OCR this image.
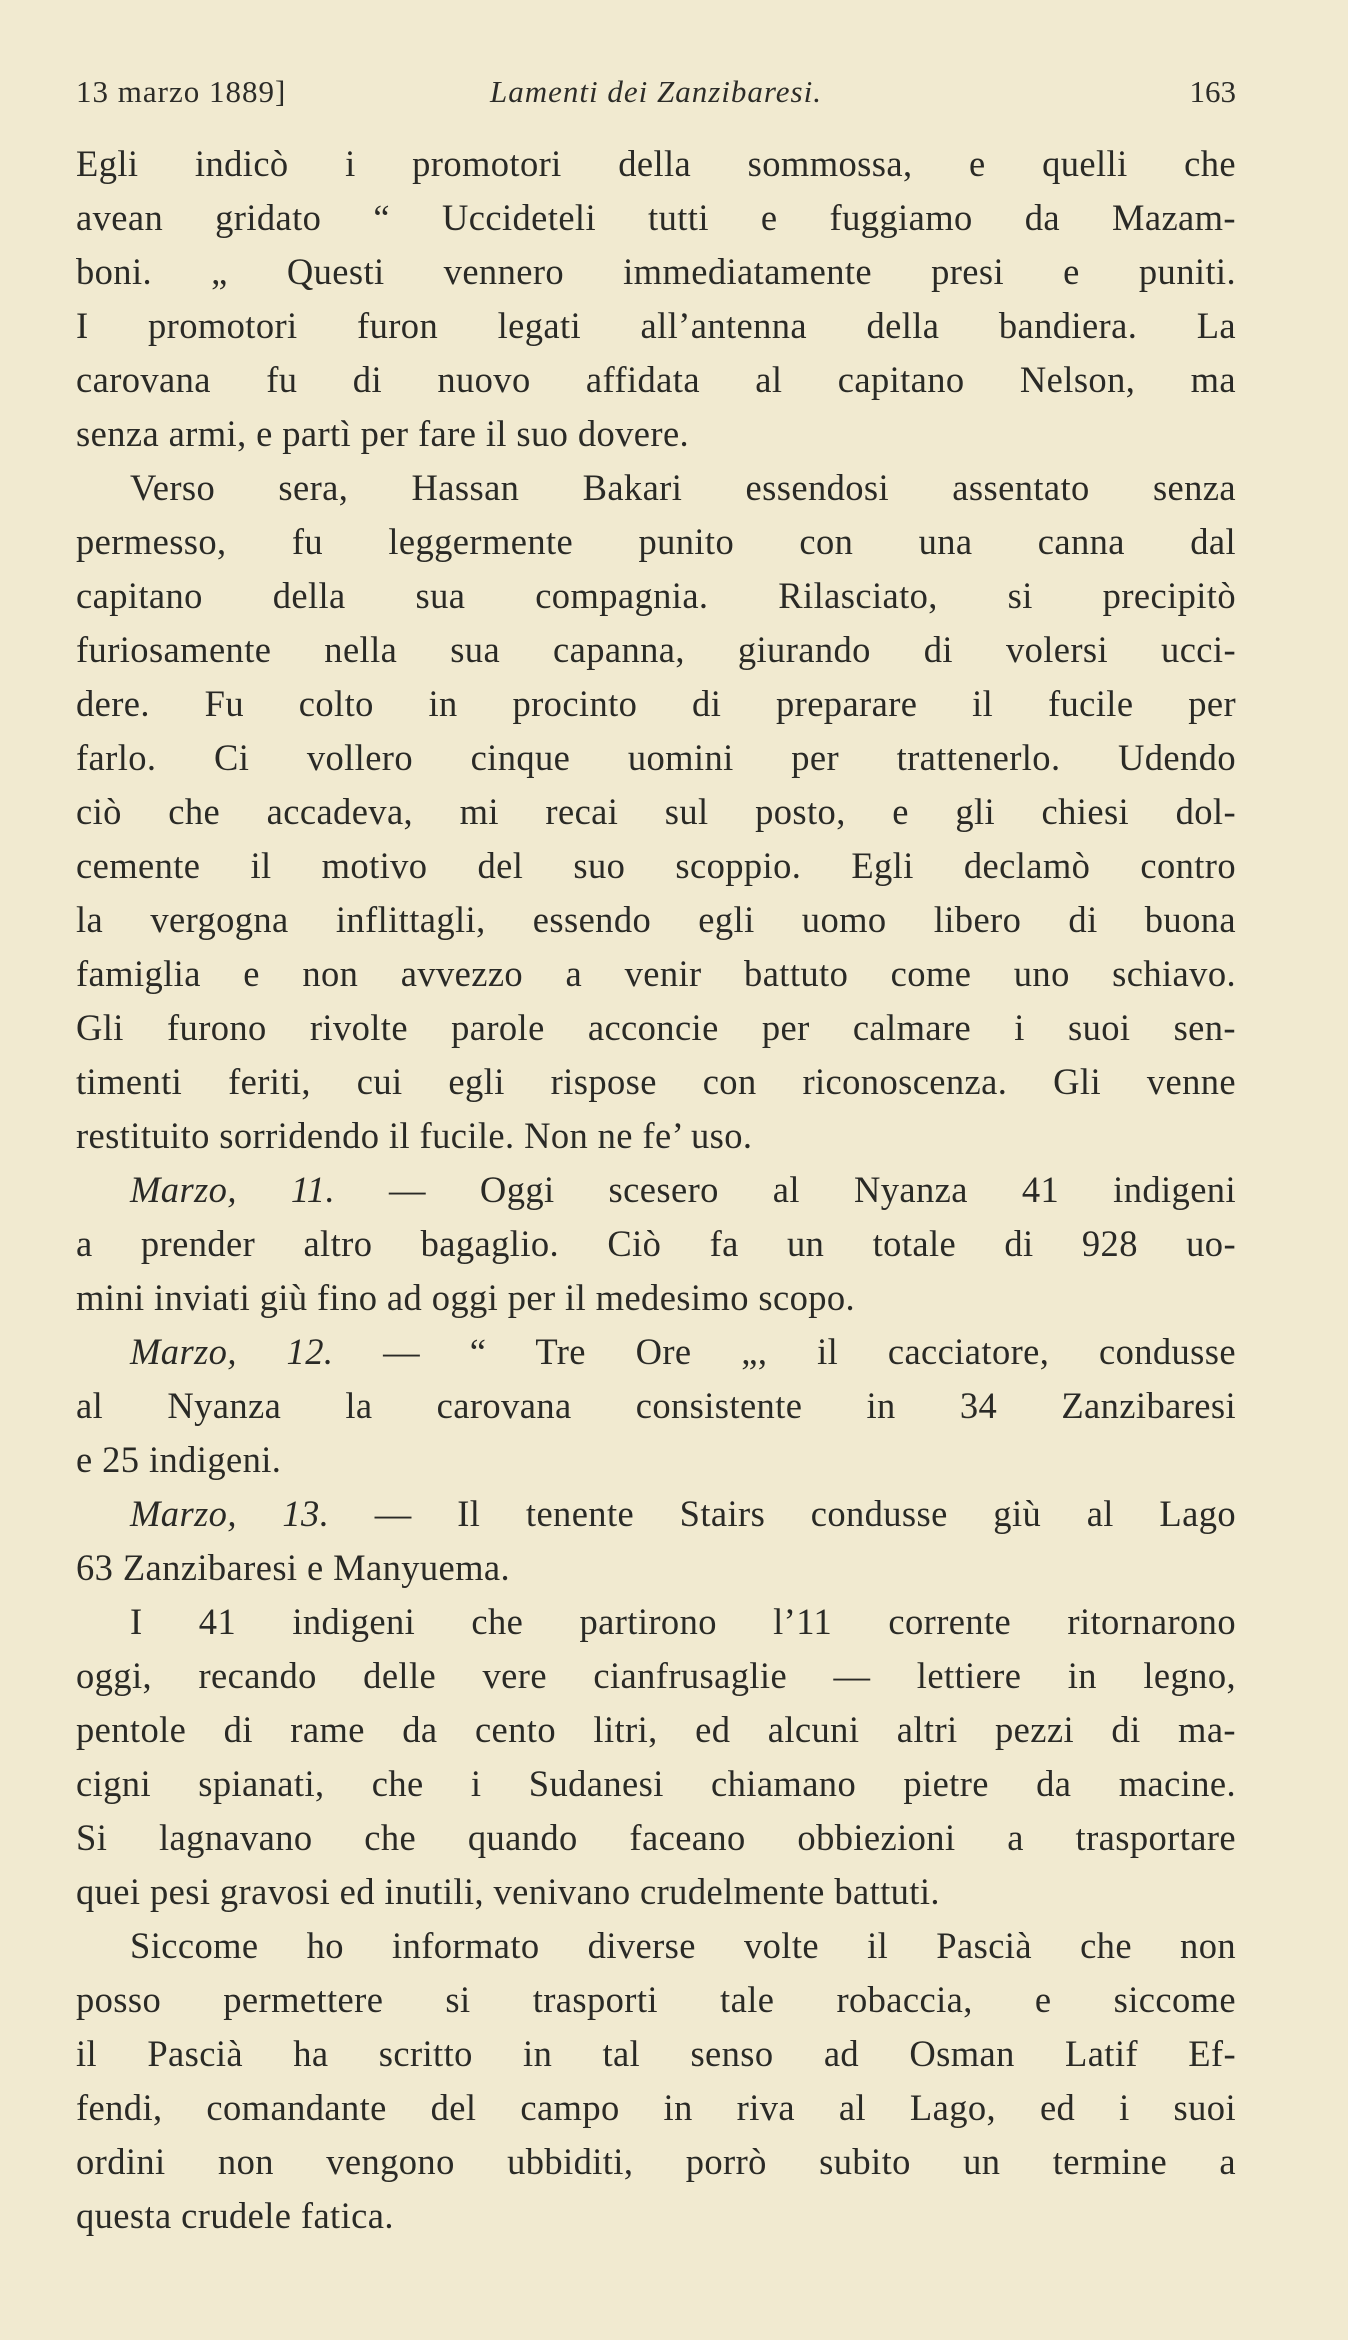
13 marzo 1889]	Lamenti dei Zanzibaresi.	163
Egli indicò i promotori della sommossa, e quelli che
avean gridato “ Uccideteli tutti e fuggiamo da Mazam-
boni. „ Questi vennero immediatamente presi e puniti.
I promotori furon legati all’antenna della bandiera. La
carovana fu di nuovo affidata al capitano Nelson, ma
senza armi, e partì per fare il suo dovere.
Verso sera, Hassan Bakari essendosi assentato senza
permesso, fu leggermente punito con una canna dal
capitano della sua compagnia. Rilasciato, si precipitò
furiosamente nella sua capanna, giurando di volersi ucci-
dere. Fu colto in procinto di preparare il fucile per
farlo. Ci vollero cinque uomini per trattenerlo. Udendo
ciò che accadeva, mi recai sul posto, e gli chiesi dol-
cemente il motivo del suo scoppio. Egli declamò contro
la vergogna inflittagli, essendo egli uomo libero di buona
famiglia e non avvezzo a venir battuto come uno schiavo.
Gli furono rivolte parole acconcie per calmare i suoi sen-
timenti feriti, cui egli rispose con riconoscenza. Gli venne
restituito sorridendo il fucile. Non ne fe’ uso.
Marzo, 11. — Oggi scesero al Nyanza 41 indigeni
a prender altro bagaglio. Ciò fa un totale di 928 uo-
mini inviati giù fino ad oggi per il medesimo scopo.
Marzo, 12. — “ Tre Ore „, il cacciatore, condusse
al Nyanza la carovana consistente in 34 Zanzibaresi
e 25 indigeni.
Marzo, 13. — Il tenente Stairs condusse giù al Lago
63 Zanzibaresi e Manyuema.
I 41 indigeni che partirono l’11 corrente ritornarono
oggi, recando delle vere cianfrusaglie — lettiere in legno,
pentole di rame da cento litri, ed alcuni altri pezzi di ma-
cigni spianati, che i Sudanesi chiamano pietre da macine.
Si lagnavano che quando faceano obbiezioni a trasportare
quei pesi gravosi ed inutili, venivano crudelmente battuti.
Siccome ho informato diverse volte il Pascià che non
posso permettere si trasporti tale robaccia, e siccome
il Pascià ha scritto in tal senso ad Osman Latif Ef-
fendi, comandante del campo in riva al Lago, ed i suoi
ordini non vengono ubbiditi, porrò subito un termine a
questa crudele fatica.
